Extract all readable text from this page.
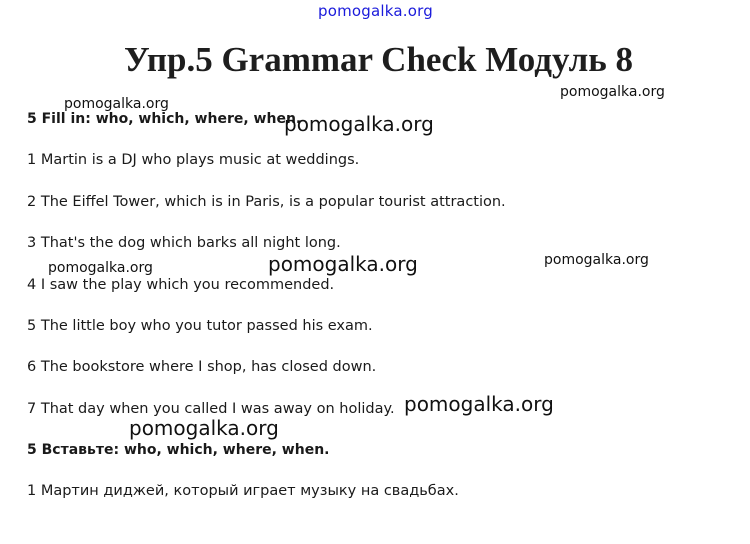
pomogalka.org
Упр.5 Grammar Check Модуль 8
pomogalka.org
pomogalka.org
5 Fill in: who, which, where, when.
pomogalka.org
1 Martin is a DJ who plays music at weddings.
2 The Eiffel Tower, which is in Paris, is a popular tourist attraction.
3 That's the dog which barks all night long.
pomogalka.org	pomogalka.org	pomogalka.org
4 I saw the play which you recommended.
5 The little boy who you tutor passed his exam.
6 The bookstore where I shop, has closed down.
7 That day when you called I was away on holiday. pomogalka.org
pomogalka.org
5 Вставьте: who, which, where, when.
1 Мартин диджей, который играет музыку на свадьбах.
